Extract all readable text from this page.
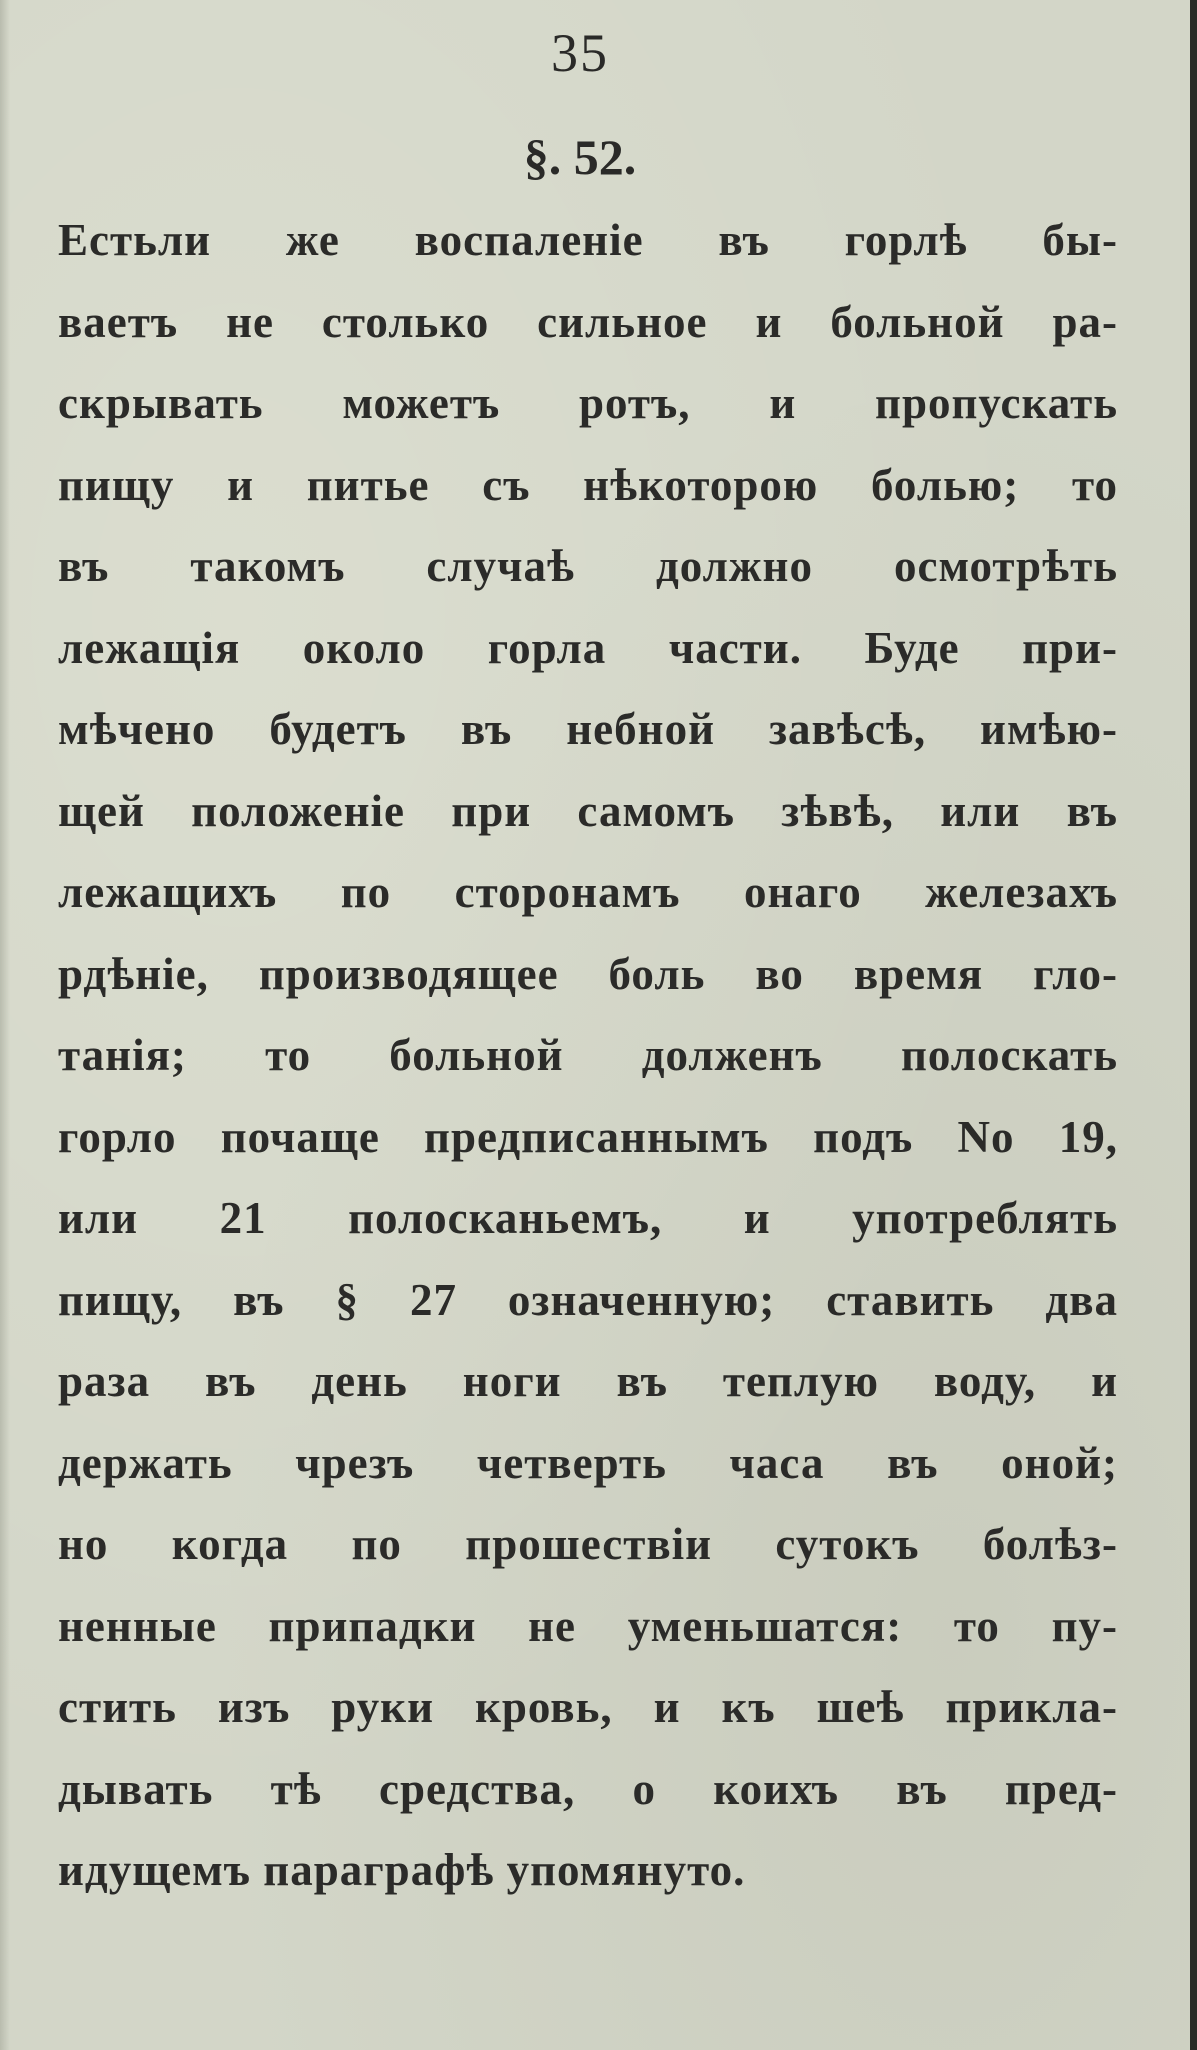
35
§. 52.
Естьли же воспаленіе въ горлѣ бы-
ваетъ не столько сильное и больной ра-
скрывать можетъ ротъ, и пропускать
пищу и питье съ нѣкоторою болью; то
въ такомъ случаѣ должно осмотрѣть
лежащія около горла части. Буде при-
мѣчено будетъ въ небной завѣсѣ, имѣю-
щей положеніе при самомъ зѣвѣ, или въ
лежащихъ по сторонамъ онаго железахъ
рдѣніе, производящее боль во время гло-
танія; то больной долженъ полоскать
горло почаще предписаннымъ подъ No 19,
или 21 полосканьемъ, и употреблять
пищу, въ § 27 означенную; ставить два
раза въ день ноги въ теплую воду, и
держать чрезъ четверть часа въ оной;
но когда по прошествіи сутокъ болѣз-
ненные припадки не уменьшатся: то пу-
стить изъ руки кровь, и къ шеѣ прикла-
дывать тѣ средства, о коихъ въ пред-
идущемъ параграфѣ упомянуто.
